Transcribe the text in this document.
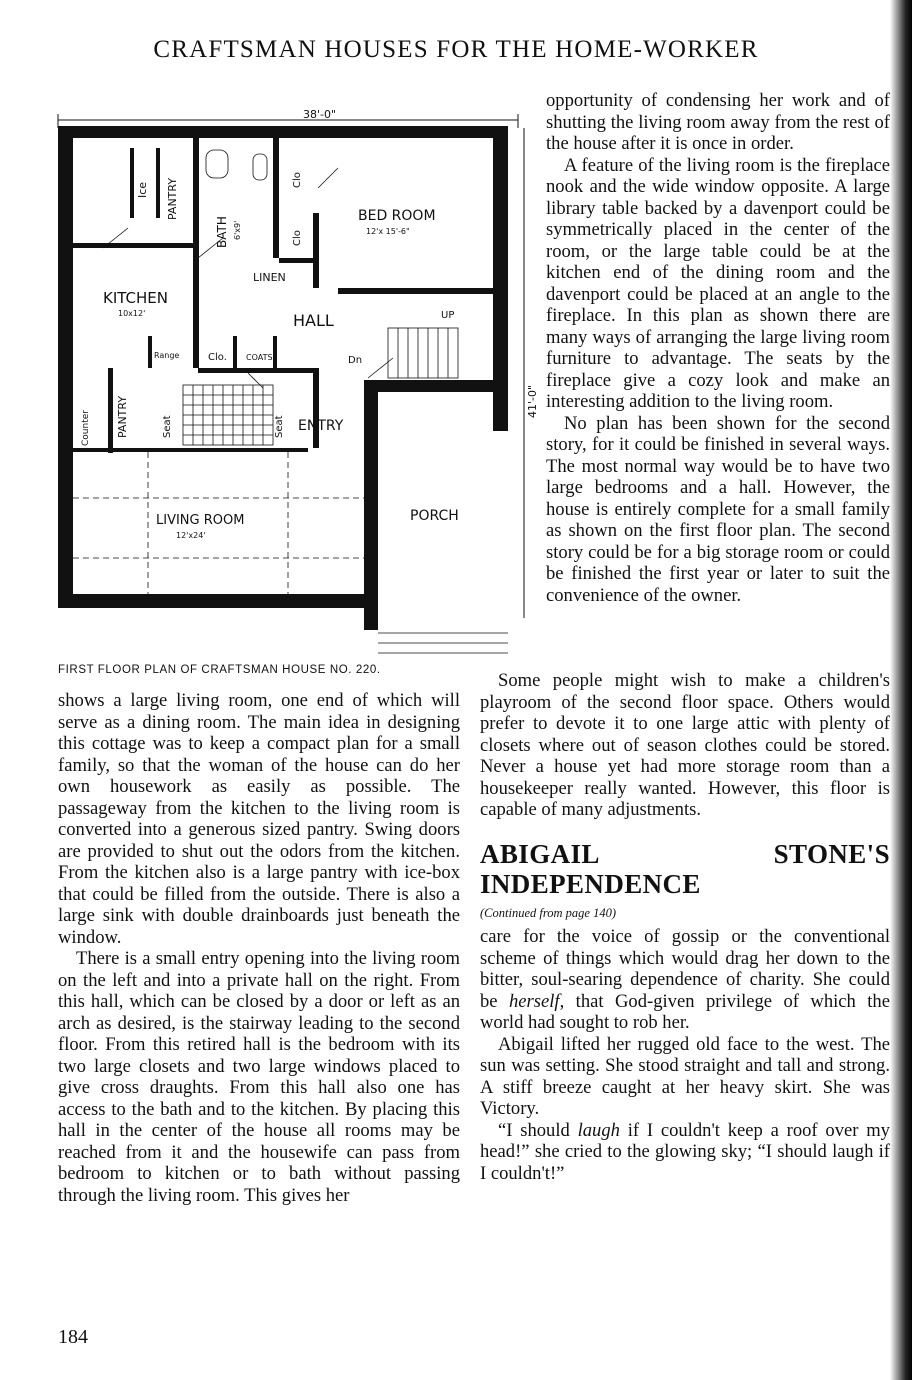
CRAFTSMAN HOUSES FOR THE HOME-WORKER
38'-0"
41'-0"
Ice PANTRY
BATH 6'x9'
Clo
Clo
BED ROOM
12'x 15'-6"
KITCHEN
10x12'
LINEN
HALL	UP
Dn
Range	Clo. COATS
Counter PANTRY	Seat	Seat ENTRY
LIVING ROOM
12'x24'
PORCH
FIRST FLOOR PLAN OF CRAFTSMAN HOUSE NO. 220.

opportunity of condensing her work and of shutting the living room away from the rest of the house after it is once in order.

A feature of the living room is the fireplace nook and the wide window opposite. A large library table backed by a davenport could be symmetrically placed in the center of the room, or the large table could be at the kitchen end of the dining room and the davenport could be placed at an angle to the fireplace. In this plan as shown there are many ways of arranging the large living room furniture to advantage. The seats by the fireplace give a cozy look and make an interesting addition to the living room.

No plan has been shown for the second story, for it could be finished in several ways. The most normal way would be to have two large bedrooms and a hall. However, the house is entirely complete for a small family as shown on the first floor plan. The second story could be for a big storage room or could be finished the first year or later to suit the convenience of the owner.

shows a large living room, one end of which will serve as a dining room. The main idea in designing this cottage was to keep a compact plan for a small family, so that the woman of the house can do her own housework as easily as possible. The passageway from the kitchen to the living room is converted into a generous sized pantry. Swing doors are provided to shut out the odors from the kitchen. From the kitchen also is a large pantry with ice-box that could be filled from the outside. There is also a large sink with double drainboards just beneath the window.

There is a small entry opening into the living room on the left and into a private hall on the right. From this hall, which can be closed by a door or left as an arch as desired, is the stairway leading to the second floor. From this retired hall is the bedroom with its two large closets and two large windows placed to give cross draughts. From this hall also one has access to the bath and to the kitchen. By placing this hall in the center of the house all rooms may be reached from it and the housewife can pass from bedroom to kitchen or to bath without passing through the living room. This gives her

Some people might wish to make a children's playroom of the second floor space. Others would prefer to devote it to one large attic with plenty of closets where out of season clothes could be stored. Never a house yet had more storage room than a housekeeper really wanted. However, this floor is capable of many adjustments.

ABIGAIL STONE'S INDEPENDENCE
(Continued from page 140)

care for the voice of gossip or the conventional scheme of things which would drag her down to the bitter, soul-searing dependence of charity. She could be herself, that God-given privilege of which the world had sought to rob her.

Abigail lifted her rugged old face to the west. The sun was setting. She stood straight and tall and strong. A stiff breeze caught at her heavy skirt. She was Victory.

“I should laugh if I couldn't keep a roof over my head!” she cried to the glowing sky; “I should laugh if I couldn't!”

184
